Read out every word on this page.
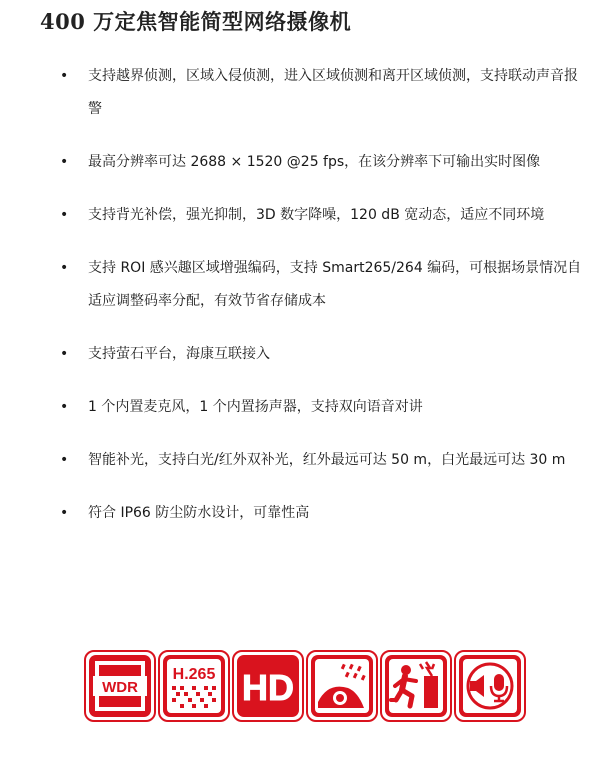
400 万定焦智能简型网络摄像机
• 支持越界侦测，区域入侵侦测，进入区域侦测和离开区域侦测，支持联动声音报警
• 最高分辨率可达 2688 × 1520 @25 fps，在该分辨率下可输出实时图像
• 支持背光补偿，强光抑制，3D 数字降噪，120 dB 宽动态，适应不同环境
• 支持 ROI 感兴趣区域增强编码，支持 Smart265/264 编码，可根据场景情况自适应调整码率分配，有效节省存储成本
• 支持萤石平台，海康互联接入
• 1 个内置麦克风，1 个内置扬声器，支持双向语音对讲
• 智能补光，支持白光/红外双补光，红外最远可达 50 m，白光最远可达 30 m
• 符合 IP66 防尘防水设计，可靠性高
WDR
H.265 HD
